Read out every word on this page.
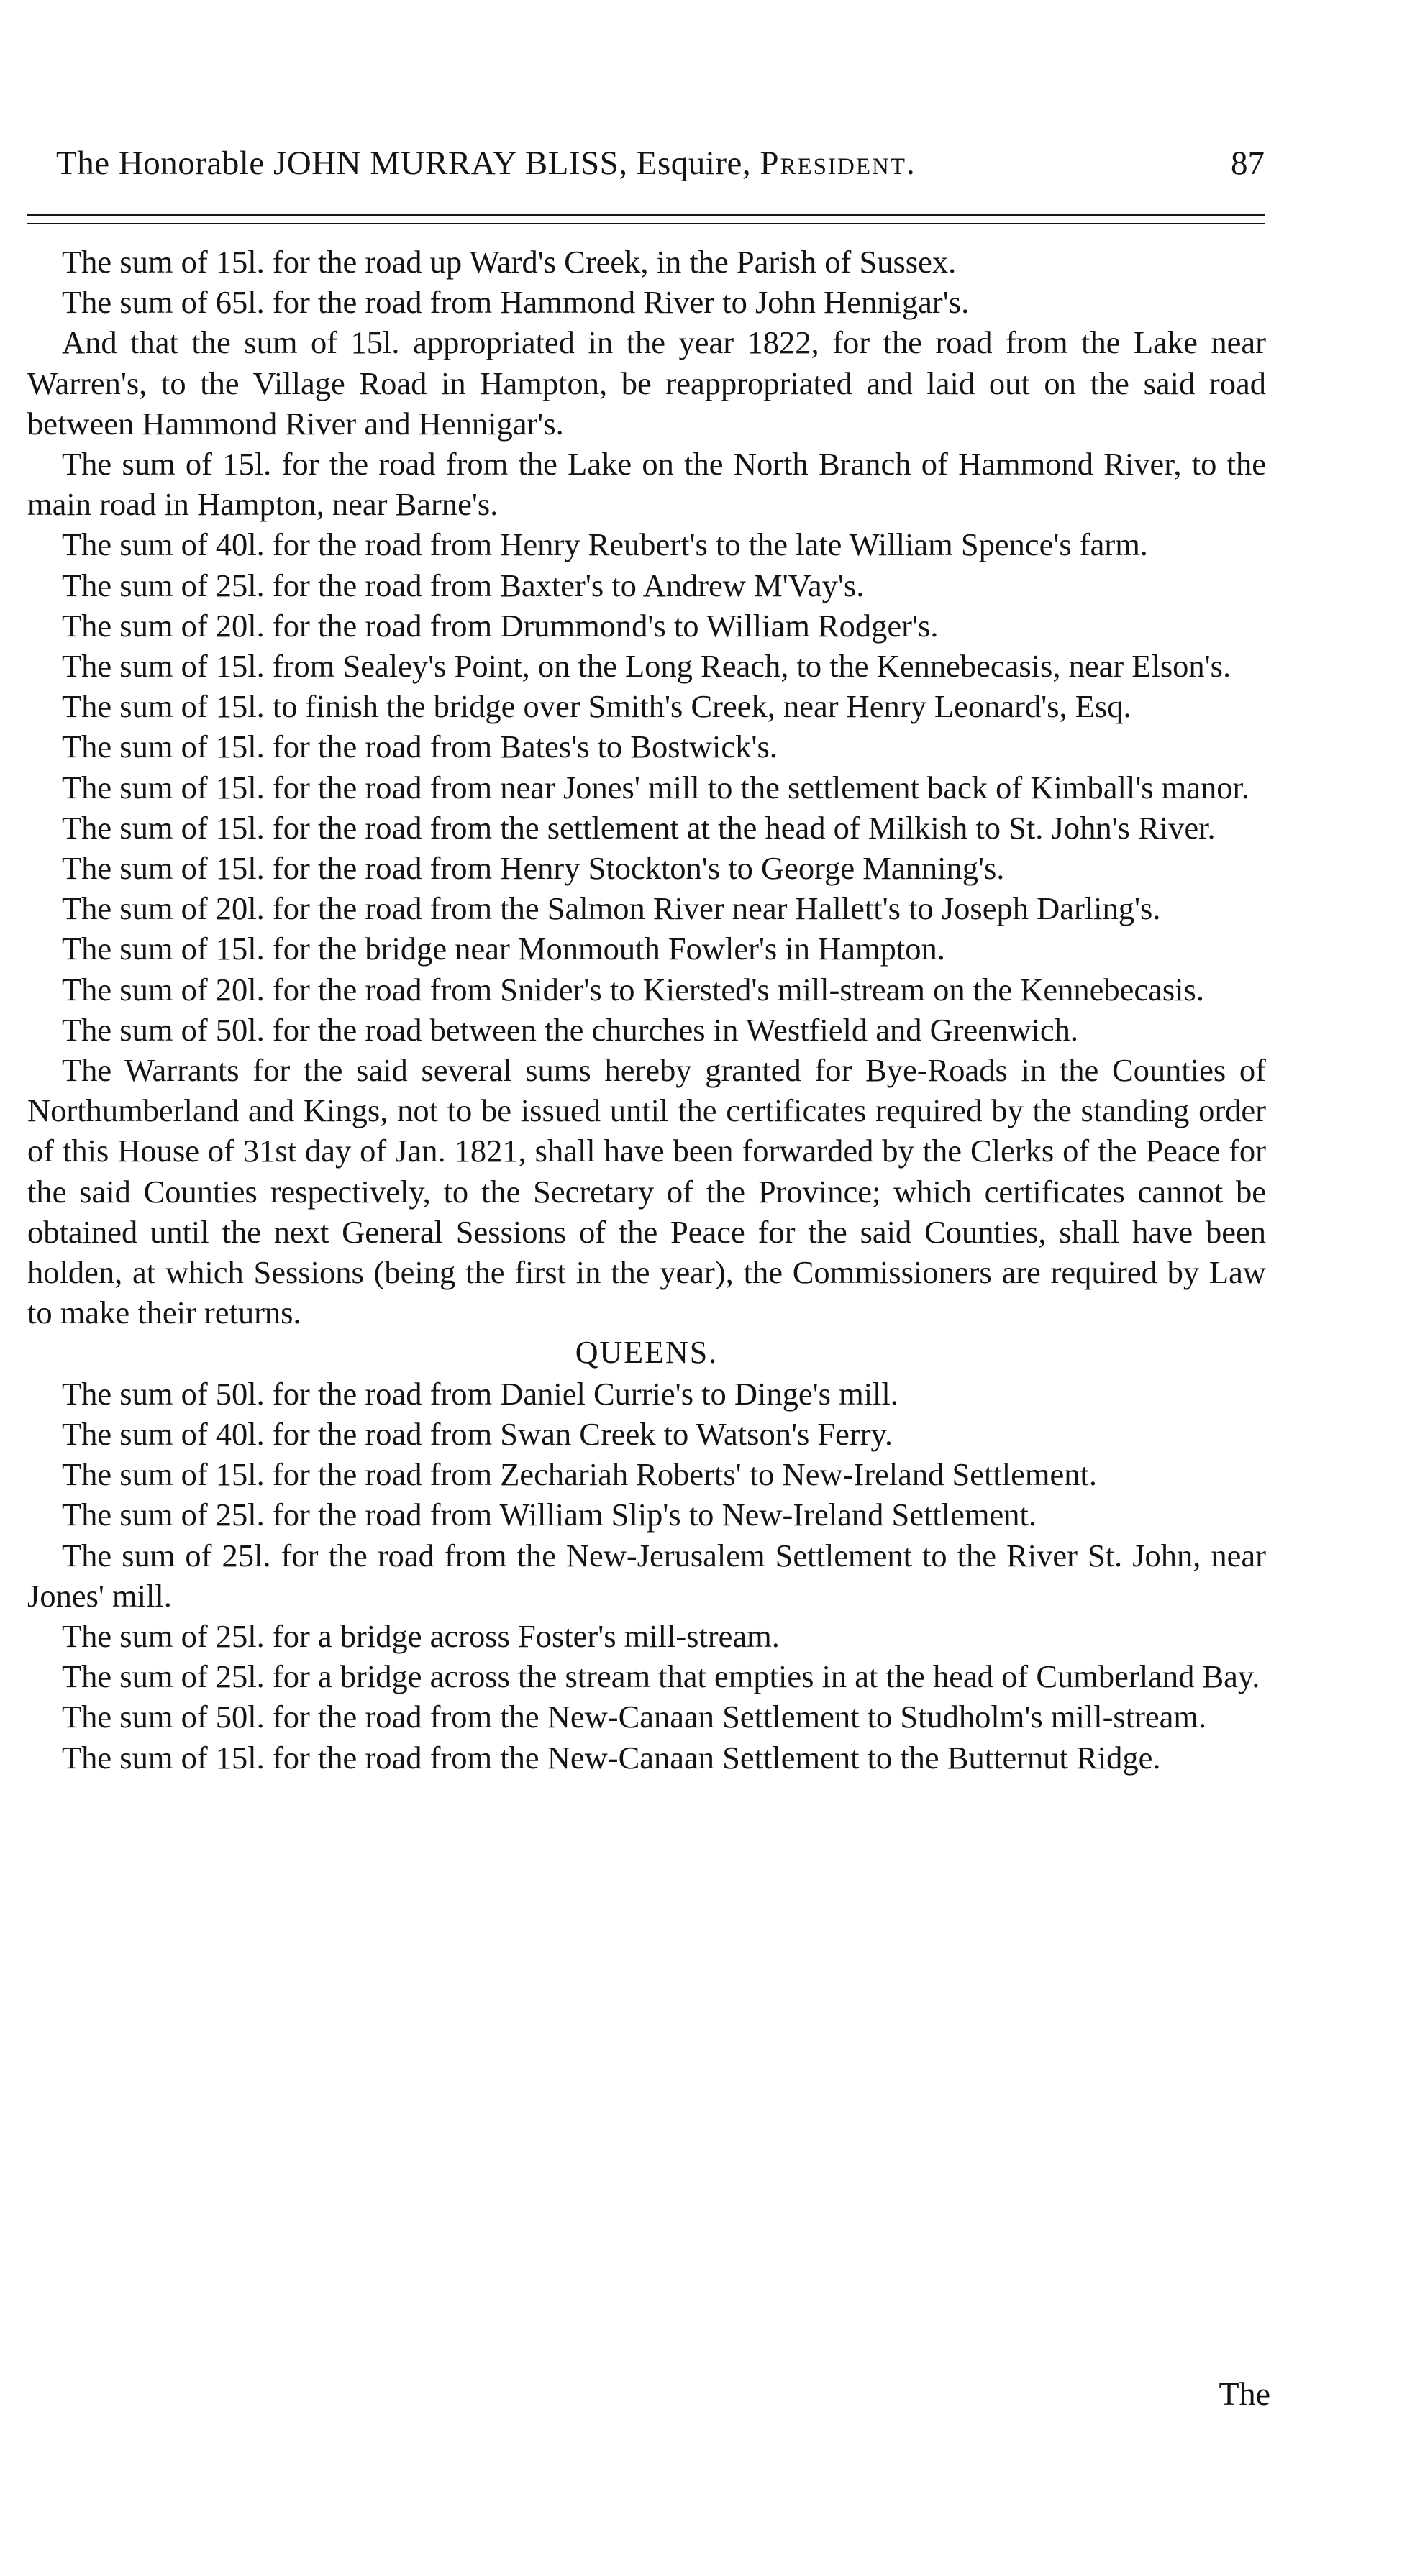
The Honorable JOHN MURRAY BLISS, Esquire, President.	87

The sum of 15l. for the road up Ward's Creek, in the Parish of Sussex.

The sum of 65l. for the road from Hammond River to John Hennigar's.

And that the sum of 15l. appropriated in the year 1822, for the road from the Lake near Warren's, to the Village Road in Hampton, be reappropriated and laid out on the said road between Hammond River and Hennigar's.

The sum of 15l. for the road from the Lake on the North Branch of Hammond River, to the main road in Hampton, near Barne's.

The sum of 40l. for the road from Henry Reubert's to the late William Spence's farm.

The sum of 25l. for the road from Baxter's to Andrew M'Vay's.

The sum of 20l. for the road from Drummond's to William Rodger's.

The sum of 15l. from Sealey's Point, on the Long Reach, to the Kennebecasis, near Elson's.

The sum of 15l. to finish the bridge over Smith's Creek, near Henry Leonard's, Esq.

The sum of 15l. for the road from Bates's to Bostwick's.

The sum of 15l. for the road from near Jones' mill to the settlement back of Kimball's manor.

The sum of 15l. for the road from the settlement at the head of Milkish to St. John's River.

The sum of 15l. for the road from Henry Stockton's to George Manning's.

The sum of 20l. for the road from the Salmon River near Hallett's to Joseph Darling's.

The sum of 15l. for the bridge near Monmouth Fowler's in Hampton.

The sum of 20l. for the road from Snider's to Kiersted's mill-stream on the Kennebecasis.

The sum of 50l. for the road between the churches in Westfield and Greenwich.

The Warrants for the said several sums hereby granted for Bye-Roads in the Counties of Northumberland and Kings, not to be issued until the certificates required by the standing order of this House of 31st day of Jan. 1821, shall have been forwarded by the Clerks of the Peace for the said Counties respectively, to the Secretary of the Province; which certificates cannot be obtained until the next General Sessions of the Peace for the said Counties, shall have been holden, at which Sessions (being the first in the year), the Commissioners are required by Law to make their returns.

QUEENS.

The sum of 50l. for the road from Daniel Currie's to Dinge's mill.

The sum of 40l. for the road from Swan Creek to Watson's Ferry.

The sum of 15l. for the road from Zechariah Roberts' to New-Ireland Settlement.

The sum of 25l. for the road from William Slip's to New-Ireland Settlement.

The sum of 25l. for the road from the New-Jerusalem Settlement to the River St. John, near Jones' mill.

The sum of 25l. for a bridge across Foster's mill-stream.

The sum of 25l. for a bridge across the stream that empties in at the head of Cumberland Bay.

The sum of 50l. for the road from the New-Canaan Settlement to Studholm's mill-stream.

The sum of 15l. for the road from the New-Canaan Settlement to the Butternut Ridge.

The
